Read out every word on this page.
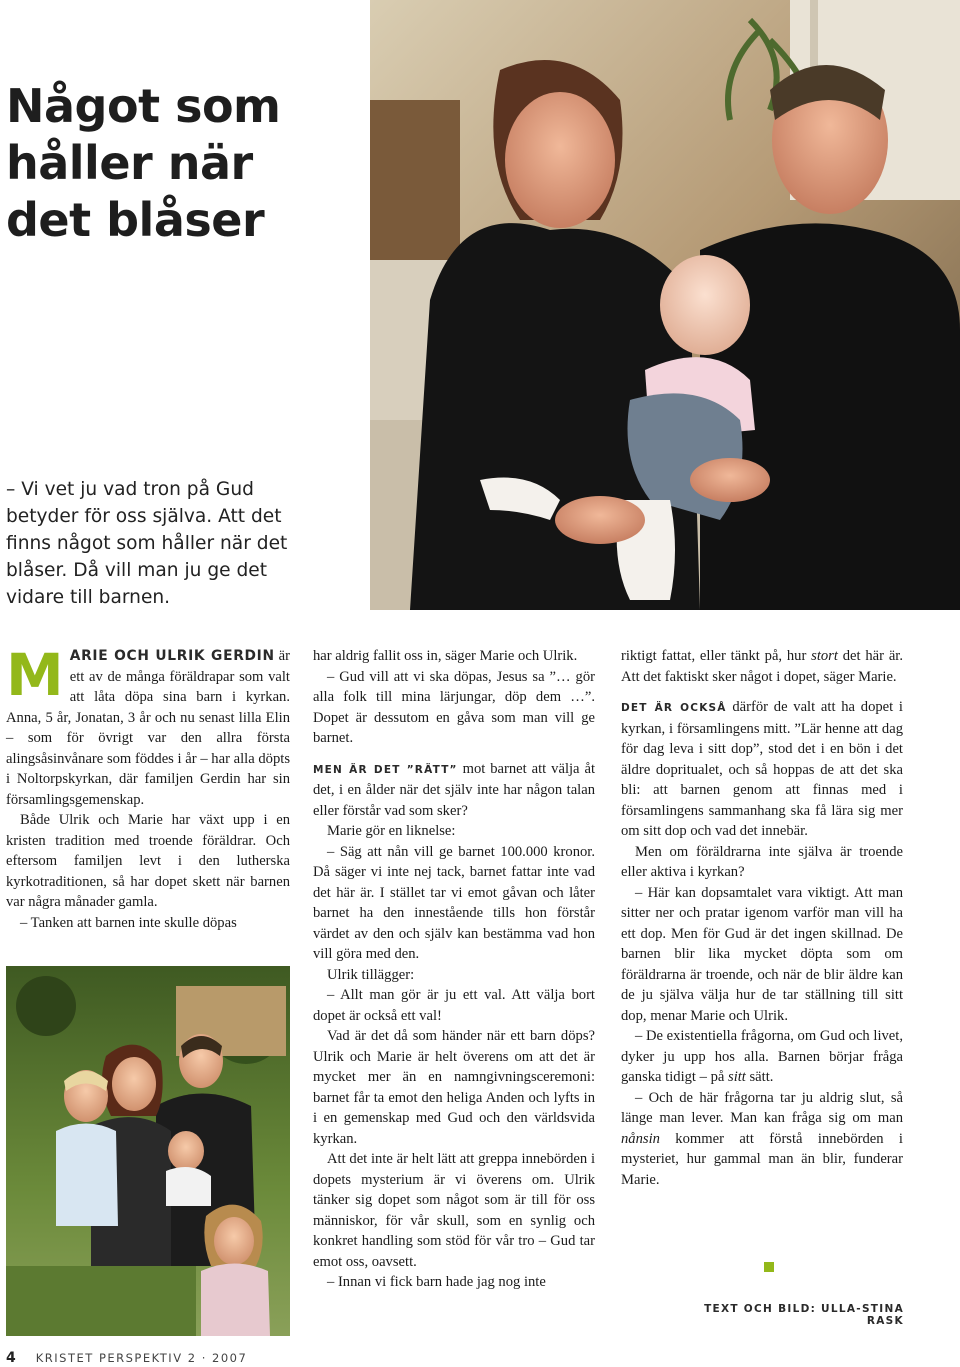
Något som
håller när
det blåser

– Vi vet ju vad tron på Gud

betyder för oss själva. Att det

finns något som håller när det

blåser. Då vill man ju ge det

vidare till barnen.

MARIE OCH ULRIK GERDIN är ett av de många föräldrapar som valt att låta döpa sina barn i kyrkan. Anna, 5 år, Jonatan, 3 år och nu senast lilla Elin – som för övrigt var den allra första alingsåsinvånare som föddes i år – har alla döpts i Noltorpskyrkan, där familjen Gerdin har sin församlingsgemenskap.

Både Ulrik och Marie har växt upp i en kristen tradition med troende föräldrar. Och eftersom familjen levt i den lutherska kyrkotraditionen, så har dopet skett när barnen var några månader gamla.

– Tanken att barnen inte skulle döpas

har aldrig fallit oss in, säger Marie och Ulrik.

– Gud vill att vi ska döpas, Jesus sa ”… gör alla folk till mina lärjungar, döp dem …”. Dopet är dessutom en gåva som man vill ge barnet.

MEN ÄR DET ”RÄTT” mot barnet att välja åt det, i en ålder när det själv inte har någon talan eller förstår vad som sker?

Marie gör en liknelse:

– Säg att nån vill ge barnet 100.000 kronor. Då säger vi inte nej tack, barnet fattar inte vad det här är. I stället tar vi emot gåvan och låter barnet ha den innestående tills hon förstår värdet av den och själv kan bestämma vad hon vill göra med den.

Ulrik tillägger:

– Allt man gör är ju ett val. Att välja bort dopet är också ett val!

Vad är det då som händer när ett barn döps? Ulrik och Marie är helt överens om att det är mycket mer än en namngivningsceremoni: barnet får ta emot den heliga Anden och lyfts in i en gemenskap med Gud och den världsvida kyrkan.

Att det inte är helt lätt att greppa innebörden i dopets mysterium är vi överens om. Ulrik tänker sig dopet som något som är till för oss människor, för vår skull, som en synlig och konkret handling som stöd för vår tro – Gud tar emot oss, oavsett.

– Innan vi fick barn hade jag nog inte

riktigt fattat, eller tänkt på, hur stort det här är. Att det faktiskt sker något i dopet, säger Marie.

DET ÄR OCKSÅ därför de valt att ha dopet i kyrkan, i församlingens mitt. ”Lär henne att dag för dag leva i sitt dop”, stod det i en bön i det äldre dopritualet, och så hoppas de att det ska bli: att barnen genom att finnas med i församlingens sammanhang ska få lära sig mer om sitt dop och vad det innebär.

Men om föräldrarna inte själva är troende eller aktiva i kyrkan?

– Här kan dopsamtalet vara viktigt. Att man sitter ner och pratar igenom varför man vill ha ett dop. Men för Gud är det ingen skillnad. De barnen blir lika mycket döpta som om föräldrarna är troende, och när de blir äldre kan de ju själva välja hur de tar ställning till sitt dop, menar Marie och Ulrik.

– De existentiella frågorna, om Gud och livet, dyker ju upp hos alla. Barnen börjar fråga ganska tidigt – på sitt sätt.

– Och de här frågorna tar ju aldrig slut, så länge man lever. Man kan fråga sig om man nånsin kommer att förstå innebörden i mysteriet, hur gammal man än blir, funderar Marie.

TEXT OCH BILD: ULLA-STINA RASK
4 KRISTET PERSPEKTIV 2 · 2007
